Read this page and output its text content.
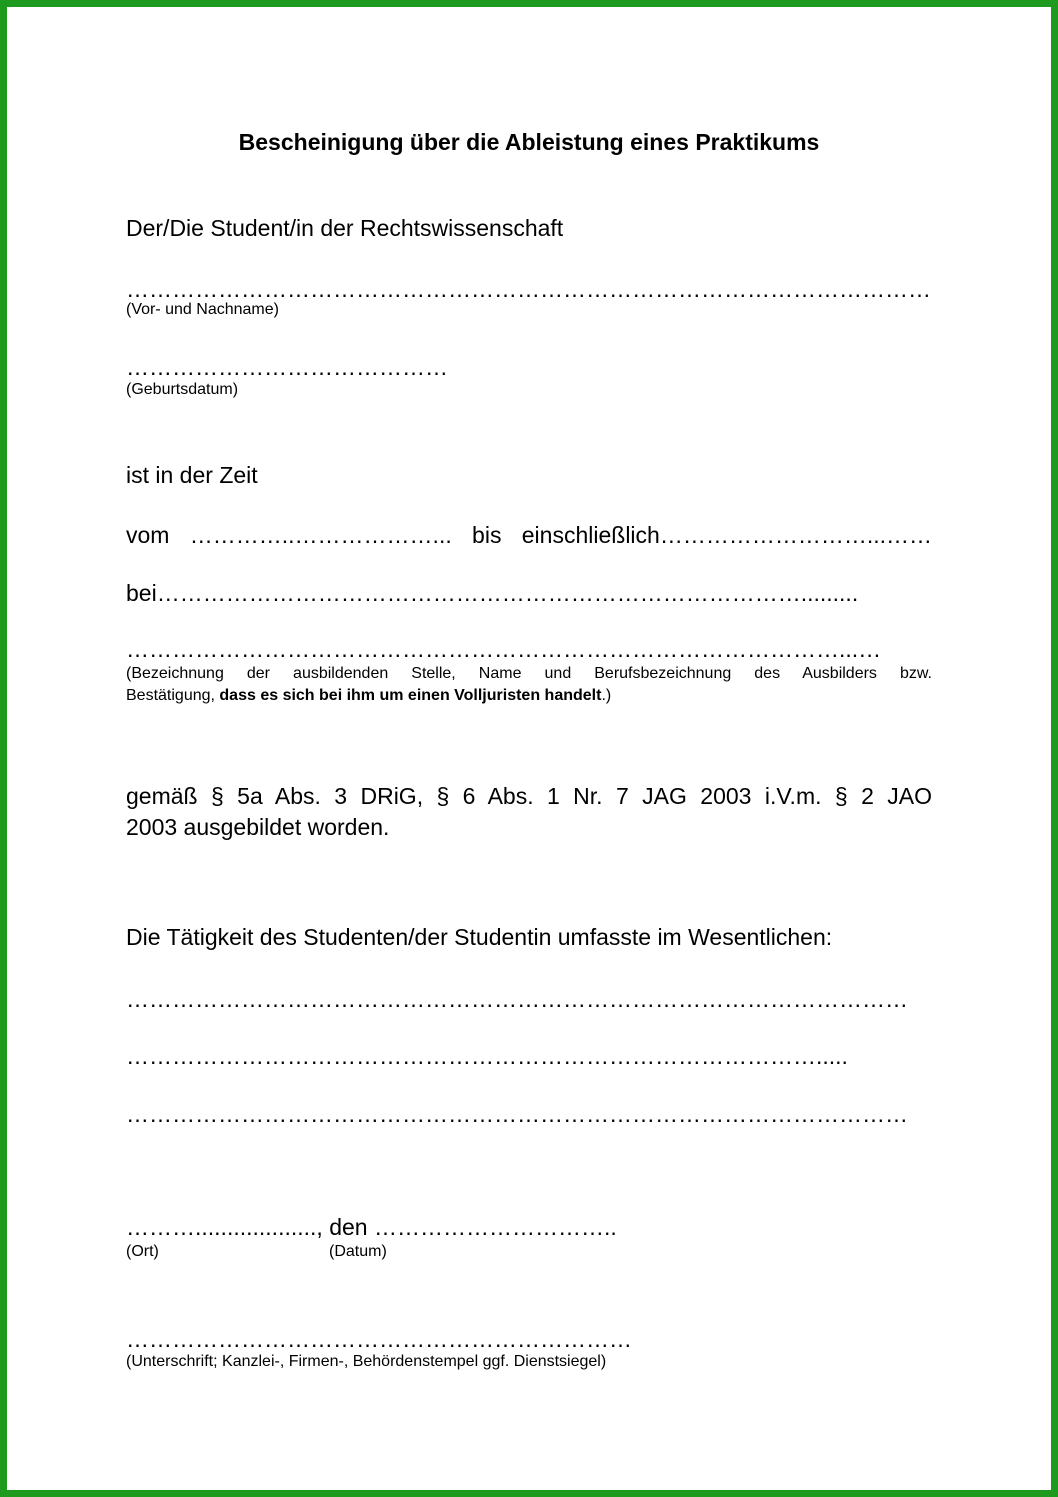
Bescheinigung über die Ableistung eines Praktikums
Der/Die Student/in der Rechtswissenschaft
……………………………………………………………………………………………
(Vor- und Nachname)
……………………………………
(Geburtsdatum)
ist in der Zeit
vom …………..………………... bis einschließlich………………………...……
bei………………………………………………………………………….........
…………………………………………………………………………………...…
(Bezeichnung der ausbildenden Stelle, Name und Berufsbezeichnung des Ausbilders bzw.
Bestätigung, dass es sich bei ihm um einen Volljuristen handelt.)
gemäß § 5a Abs. 3 DRiG, § 6 Abs. 1 Nr. 7 JAG 2003 i.V.m. § 2 JAO
2003 ausgebildet worden.
Die Tätigkeit des Studenten/der Studentin umfasste im Wesentlichen:
…………………………………………………………………………………………
……………………………………………………………………………….....
…………………………………………………………………………………………
………..................., den …………………………..
(Ort)	(Datum)
…………………………………………………………
(Unterschrift; Kanzlei-, Firmen-, Behördenstempel ggf. Dienstsiegel)
